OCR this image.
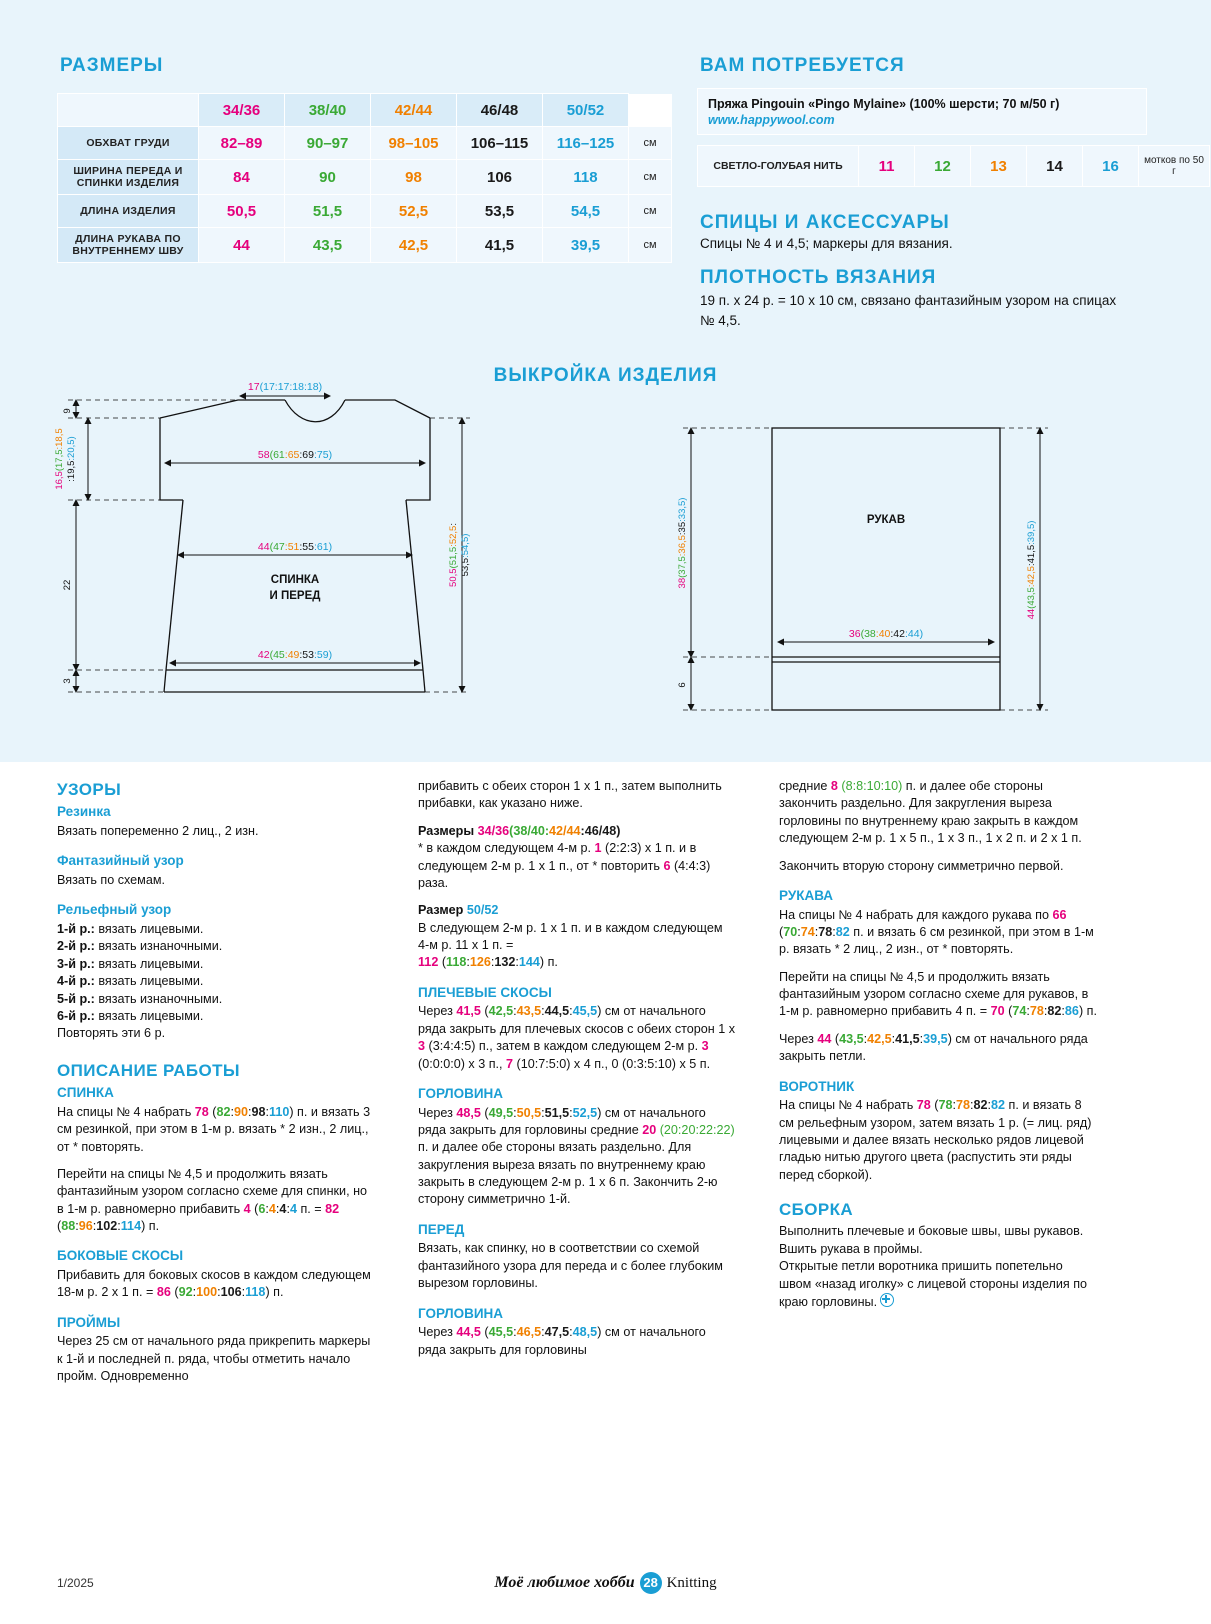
РАЗМЕРЫ
	34/36	38/40	42/44	46/48	50/52	
ОБХВАТ ГРУДИ	82–89	90–97	98–105	106–115	116–125	см
ШИРИНА ПЕРЕДА И СПИНКИ ИЗДЕЛИЯ	84	90	98	106	118	см
ДЛИНА ИЗДЕЛИЯ	50,5	51,5	52,5	53,5	54,5	см
ДЛИНА РУКАВА ПО ВНУТРЕННЕМУ ШВУ	44	43,5	42,5	41,5	39,5	см
ВАМ ПОТРЕБУЕТСЯ
Пряжа Pingouin «Pingo Mylaine» (100% шерсти; 70 м/50 г)
www.happywool.com
СВЕТЛО-ГОЛУБАЯ НИТЬ	11	12	13	14	16	мотков по 50 г
СПИЦЫ И АКСЕССУАРЫ
Спицы № 4 и 4,5; маркеры для вязания.
ПЛОТНОСТЬ ВЯЗАНИЯ
19 п. х 24 р. = 10 х 10 см, связано фантазийным узором на спицах № 4,5.
ВЫКРОЙКА ИЗДЕЛИЯ
17(17:17:18:18)
58(61:65:69:75)
44(47:51:55:61)
42(45:49:53:59)
СПИНКА
И ПЕРЕД
9
16,5(17,5:18,5
:19,5:20,5)
22
3
50,5(51,5:52,5:
53,5:54,5)
РУКАВ
36(38:40:42:44)
38(37,5:36,5:35:33,5)
6
44(43,5:42,5:41,5:39,5)
УЗОРЫ
Резинка

Вязать попеременно 2 лиц., 2 изн.

Фантазийный узор

Вязать по схемам.

Рельефный узор

1-й р.: вязать лицевыми.
2-й р.: вязать изнаночными.
3-й р.: вязать лицевыми.
4-й р.: вязать лицевыми.
5-й р.: вязать изнаночными.
6-й р.: вязать лицевыми.
Повторять эти 6 р.

ОПИСАНИЕ РАБОТЫ
СПИНКА

На спицы № 4 набрать 78 (82:90:98:110) п. и вязать 3 см резинкой, при этом в 1-м р. вязать * 2 изн., 2 лиц., от * повторять.

Перейти на спицы № 4,5 и продолжить вязать фантазийным узором согласно схеме для спинки, но в 1-м р. равномерно прибавить 4 (6:4:4:4 п. = 82 (88:96:102:114) п.

БОКОВЫЕ СКОСЫ

Прибавить для боковых скосов в каждом следующем 18-м р. 2 х 1 п. = 86 (92:100:106:118) п.

ПРОЙМЫ

Через 25 см от начального ряда прикрепить маркеры к 1-й и последней п. ряда, чтобы отметить начало пройм. Одновременно

прибавить с обеих сторон 1 х 1 п., затем выполнить прибавки, как указано ниже.

Размеры 34/36(38/40:42/44:46/48)

* в каждом следующем 4-м р. 1 (2:2:3) х 1 п. и в следующем 2-м р. 1 х 1 п., от * повторить 6 (4:4:3) раза.

Размер 50/52

В следующем 2-м р. 1 х 1 п. и в каждом следующем 4-м р. 11 х 1 п. =
112 (118:126:132:144) п.

ПЛЕЧЕВЫЕ СКОСЫ

Через 41,5 (42,5:43,5:44,5:45,5) см от начального ряда закрыть для плечевых скосов с обеих сторон 1 х 3 (3:4:4:5) п., затем в каждом следующем 2-м р. 3 (0:0:0:0) х 3 п., 7 (10:7:5:0) х 4 п., 0 (0:3:5:10) х 5 п.

ГОРЛОВИНА

Через 48,5 (49,5:50,5:51,5:52,5) см от начального ряда закрыть для горловины средние 20 (20:20:22:22) п. и далее обе стороны вязать раздельно. Для закругления выреза вязать по внутреннему краю закрыть в следующем 2-м р. 1 х 6 п. Закончить 2-ю сторону симметрично 1-й.

ПЕРЕД

Вязать, как спинку, но в соответствии со схемой фантазийного узора для переда и с более глубоким вырезом горловины.

ГОРЛОВИНА

Через 44,5 (45,5:46,5:47,5:48,5) см от начального ряда закрыть для горловины

средние 8 (8:8:10:10) п. и далее обе стороны закончить раздельно. Для закругления выреза горловины по внутреннему краю закрыть в каждом следующем 2-м р. 1 х 5 п., 1 х 3 п., 1 х 2 п. и 2 х 1 п.

Закончить вторую сторону симметрично первой.

РУКАВА

На спицы № 4 набрать для каждого рукава по 66 (70:74:78:82 п. и вязать 6 см резинкой, при этом в 1-м р. вязать * 2 лиц., 2 изн., от * повторять.

Перейти на спицы № 4,5 и продолжить вязать фантазийным узором согласно схеме для рукавов, в 1-м р. равномерно прибавить 4 п. = 70 (74:78:82:86) п.

Через 44 (43,5:42,5:41,5:39,5) см от начального ряда закрыть петли.

ВОРОТНИК

На спицы № 4 набрать 78 (78:78:82:82 п. и вязать 8 см рельефным узором, затем вязать 1 р. (= лиц. ряд) лицевыми и далее вязать несколько рядов лицевой гладью нитью другого цвета (распустить эти ряды перед сборкой).

СБОРКА

Выполнить плечевые и боковые швы, швы рукавов.

Вшить рукава в проймы.

Открытые петли воротника пришить попетельно швом «назад иголку» с лицевой стороны изделия по краю горловины.

1/2025	Моё любимое хобби 28 Knitting
